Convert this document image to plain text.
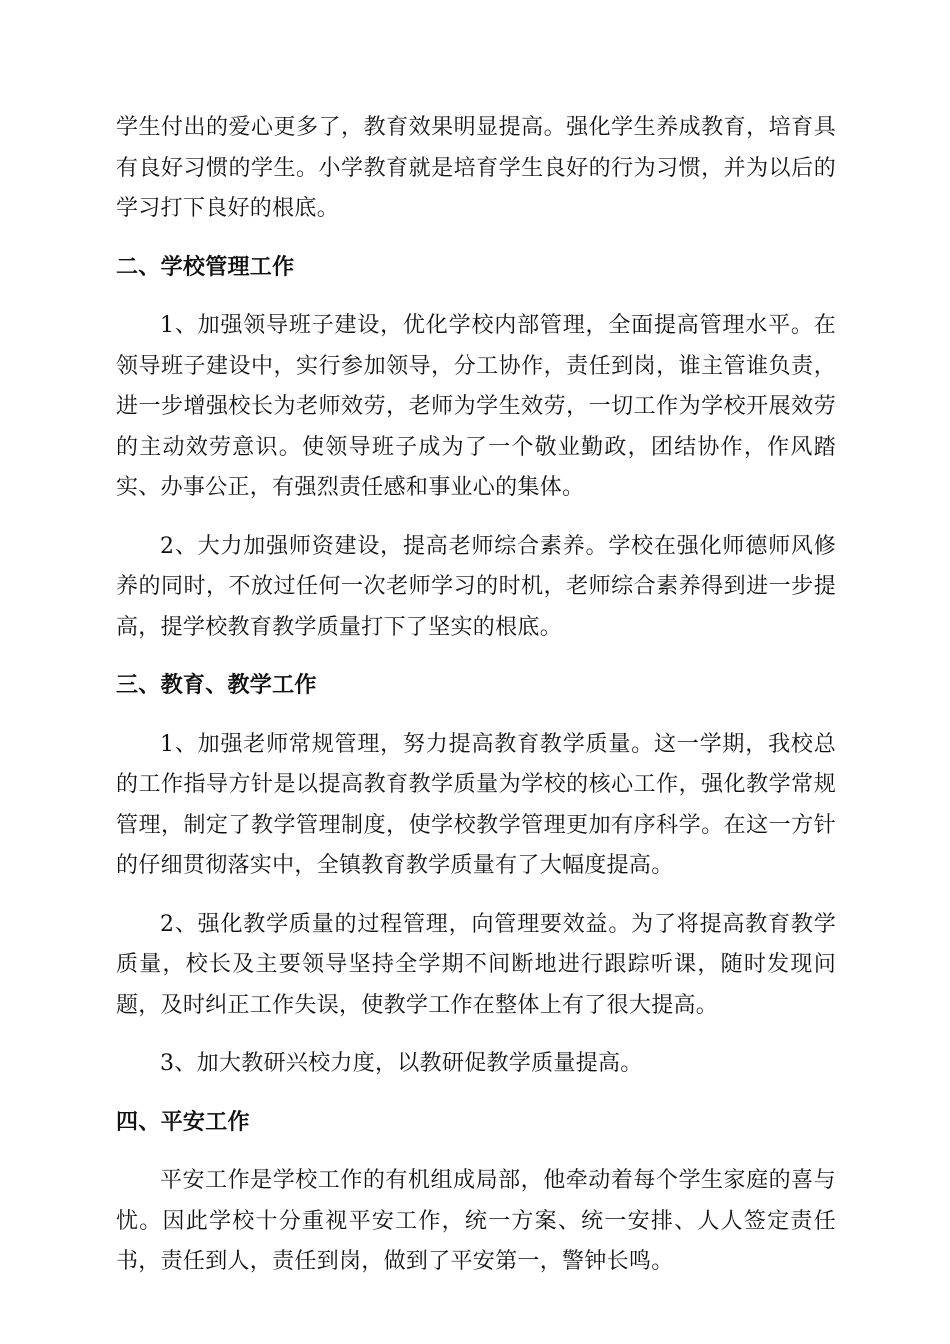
学生付出的爱心更多了，教育效果明显提高。强化学生养成教育，培育具有良好习惯的学生。小学教育就是培育学生良好的行为习惯，并为以后的学习打下良好的根底。

二、学校管理工作

1、加强领导班子建设，优化学校内部管理，全面提高管理水平。在领导班子建设中，实行参加领导，分工协作，责任到岗，谁主管谁负责，进一步增强校长为老师效劳，老师为学生效劳，一切工作为学校开展效劳的主动效劳意识。使领导班子成为了一个敬业勤政，团结协作，作风踏实、办事公正，有强烈责任感和事业心的集体。

2、大力加强师资建设，提高老师综合素养。学校在强化师德师风修养的同时，不放过任何一次老师学习的时机，老师综合素养得到进一步提高，提学校教育教学质量打下了坚实的根底。

三、教育、教学工作

1、加强老师常规管理，努力提高教育教学质量。这一学期，我校总的工作指导方针是以提高教育教学质量为学校的核心工作，强化教学常规管理，制定了教学管理制度，使学校教学管理更加有序科学。在这一方针的仔细贯彻落实中，全镇教育教学质量有了大幅度提高。

2、强化教学质量的过程管理，向管理要效益。为了将提高教育教学质量，校长及主要领导坚持全学期不间断地进行跟踪听课，随时发现问题，及时纠正工作失误，使教学工作在整体上有了很大提高。

3、加大教研兴校力度，以教研促教学质量提高。

四、平安工作

平安工作是学校工作的有机组成局部，他牵动着每个学生家庭的喜与忧。因此学校十分重视平安工作，统一方案、统一安排、人人签定责任书，责任到人，责任到岗，做到了平安第一，警钟长鸣。
